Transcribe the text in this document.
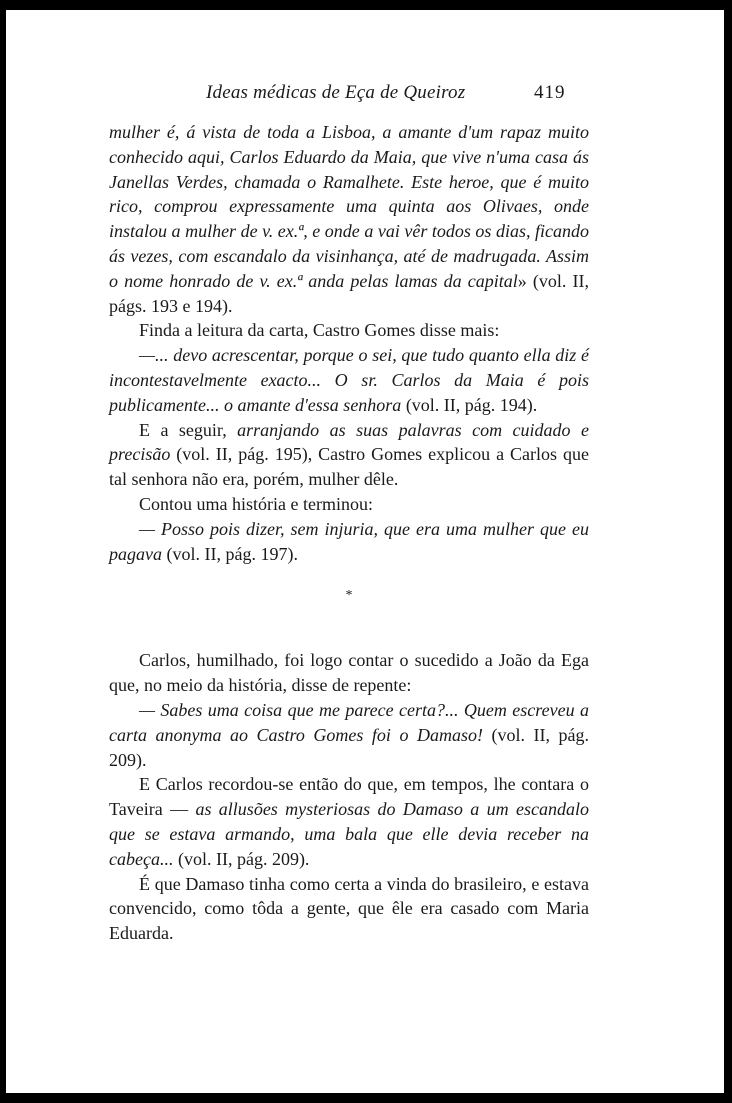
Ideas médicas de Eça de Queiroz	419

mulher é, á vista de toda a Lisboa, a amante d'um rapaz muito conhecido aqui, Carlos Eduardo da Maia, que vive n'uma casa ás Janellas Verdes, chamada o Ramalhete. Este heroe, que é muito rico, comprou expressamente uma quinta aos Olivaes, onde instalou a mulher de v. ex.ª, e onde a vai vêr todos os dias, ficando ás vezes, com escandalo da visinhança, até de madrugada. Assim o nome honrado de v. ex.ª anda pelas lamas da capital» (vol. II, págs. 193 e 194).

Finda a leitura da carta, Castro Gomes disse mais:

—... devo acrescentar, porque o sei, que tudo quanto ella diz é incontestavelmente exacto... O sr. Carlos da Maia é pois publicamente... o amante d'essa senhora (vol. II, pág. 194).

E a seguir, arranjando as suas palavras com cuidado e precisão (vol. II, pág. 195), Castro Gomes explicou a Carlos que tal senhora não era, porém, mulher dêle.

Contou uma história e terminou:

— Posso pois dizer, sem injuria, que era uma mulher que eu pagava (vol. II, pág. 197).

*

Carlos, humilhado, foi logo contar o sucedido a João da Ega que, no meio da história, disse de repente:

— Sabes uma coisa que me parece certa?... Quem escreveu a carta anonyma ao Castro Gomes foi o Damaso! (vol. II, pág. 209).

E Carlos recordou-se então do que, em tempos, lhe contara o Taveira — as allusões mysteriosas do Damaso a um escandalo que se estava armando, uma bala que elle devia receber na cabeça... (vol. II, pág. 209).

É que Damaso tinha como certa a vinda do brasileiro, e estava convencido, como tôda a gente, que êle era casado com Maria Eduarda.
